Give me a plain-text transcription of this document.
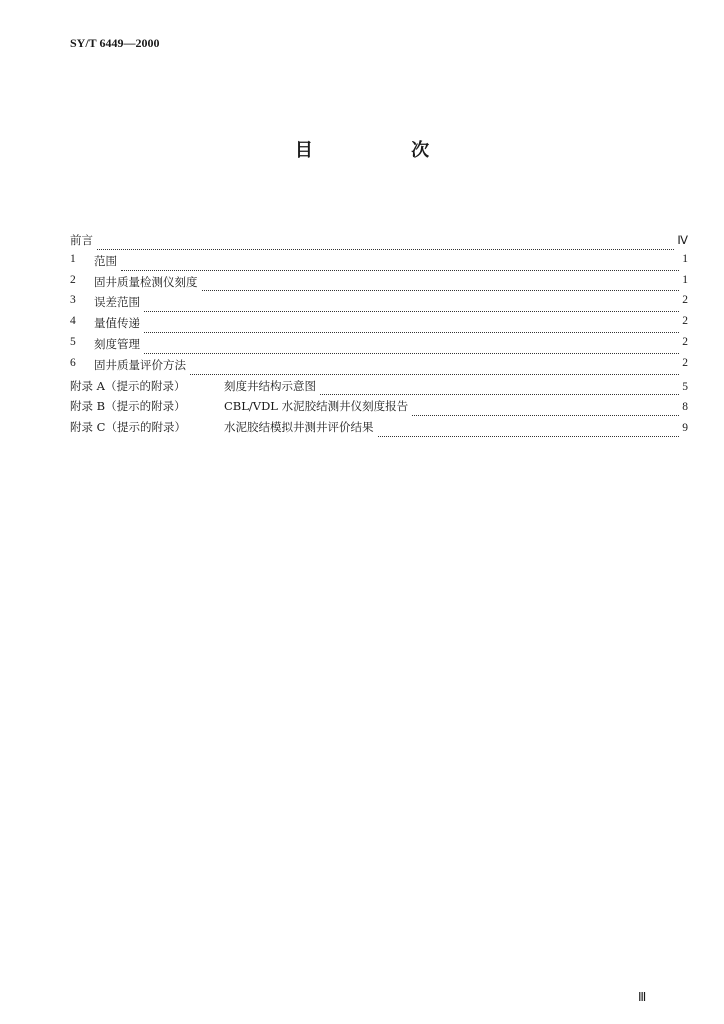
SY/T 6449—2000
目 次
前言	Ⅳ
1	范围	1
2	固井质量检测仪刻度	1
3	误差范围	2
4	量值传递	2
5	刻度管理	2
6	固井质量评价方法	2
附录 A（提示的附录）	刻度井结构示意图	5
附录 B（提示的附录）	CBL/VDL 水泥胶结测井仪刻度报告	8
附录 C（提示的附录）	水泥胶结模拟井测井评价结果	9
Ⅲ
